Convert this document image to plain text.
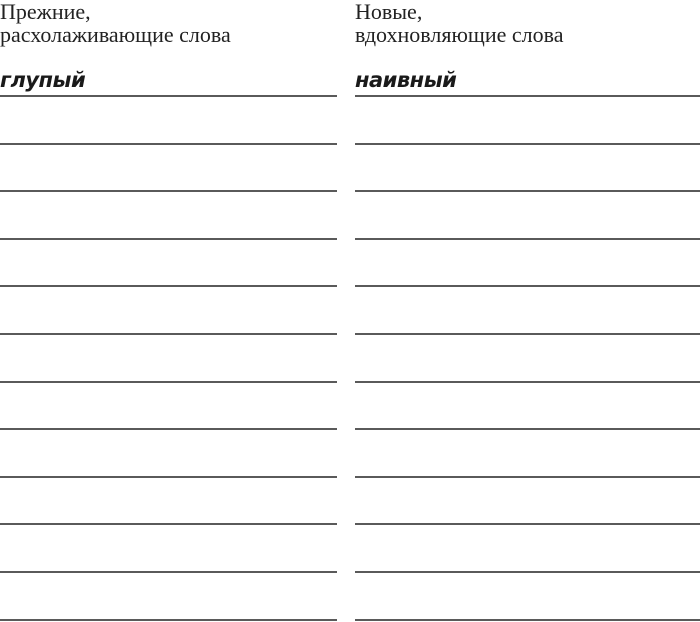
Прежние,
расхолаживающие слова
глупый
Новые,
вдохновляющие слова
наивный
